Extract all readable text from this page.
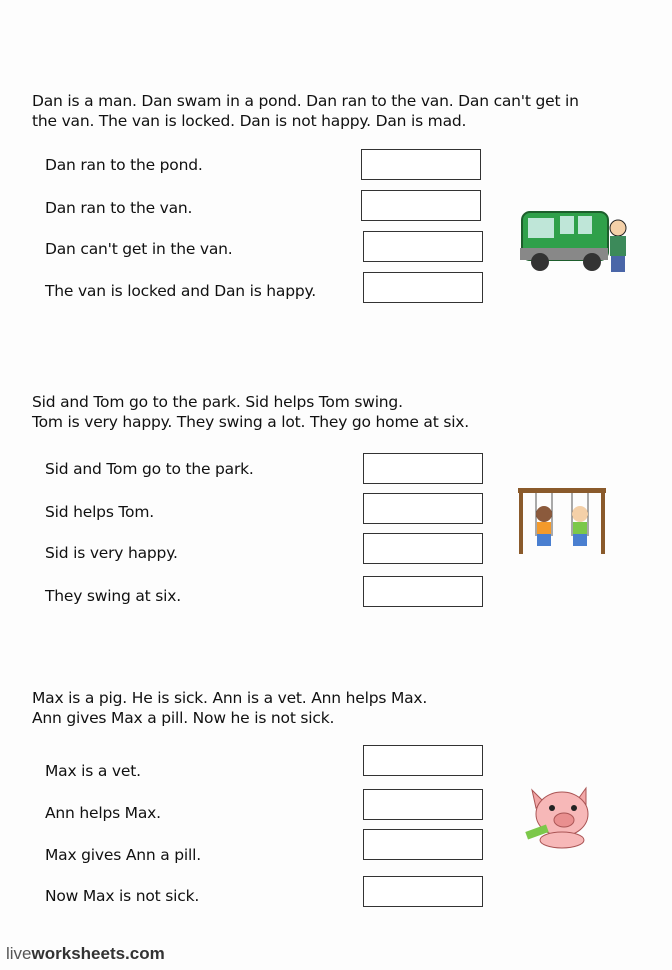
Dan is a man. Dan swam in a pond. Dan ran to the van. Dan can't get in
the van. The van is locked. Dan is not happy. Dan is mad.
Dan ran to the pond.
Dan ran to the van.
Dan can't get in the van.
The van is locked and Dan is happy.
Sid and Tom go to the park. Sid helps Tom swing.
Tom is very happy. They swing a lot. They go home at six.
Sid and Tom go to the park.
Sid helps Tom.
Sid is very happy.
They swing at six.
Max is a pig. He is sick. Ann is a vet. Ann helps Max.
Ann gives Max a pill. Now he is not sick.
Max is a vet.
Ann helps Max.
Max gives Ann a pill.
Now Max is not sick.
liveworksheets.com
